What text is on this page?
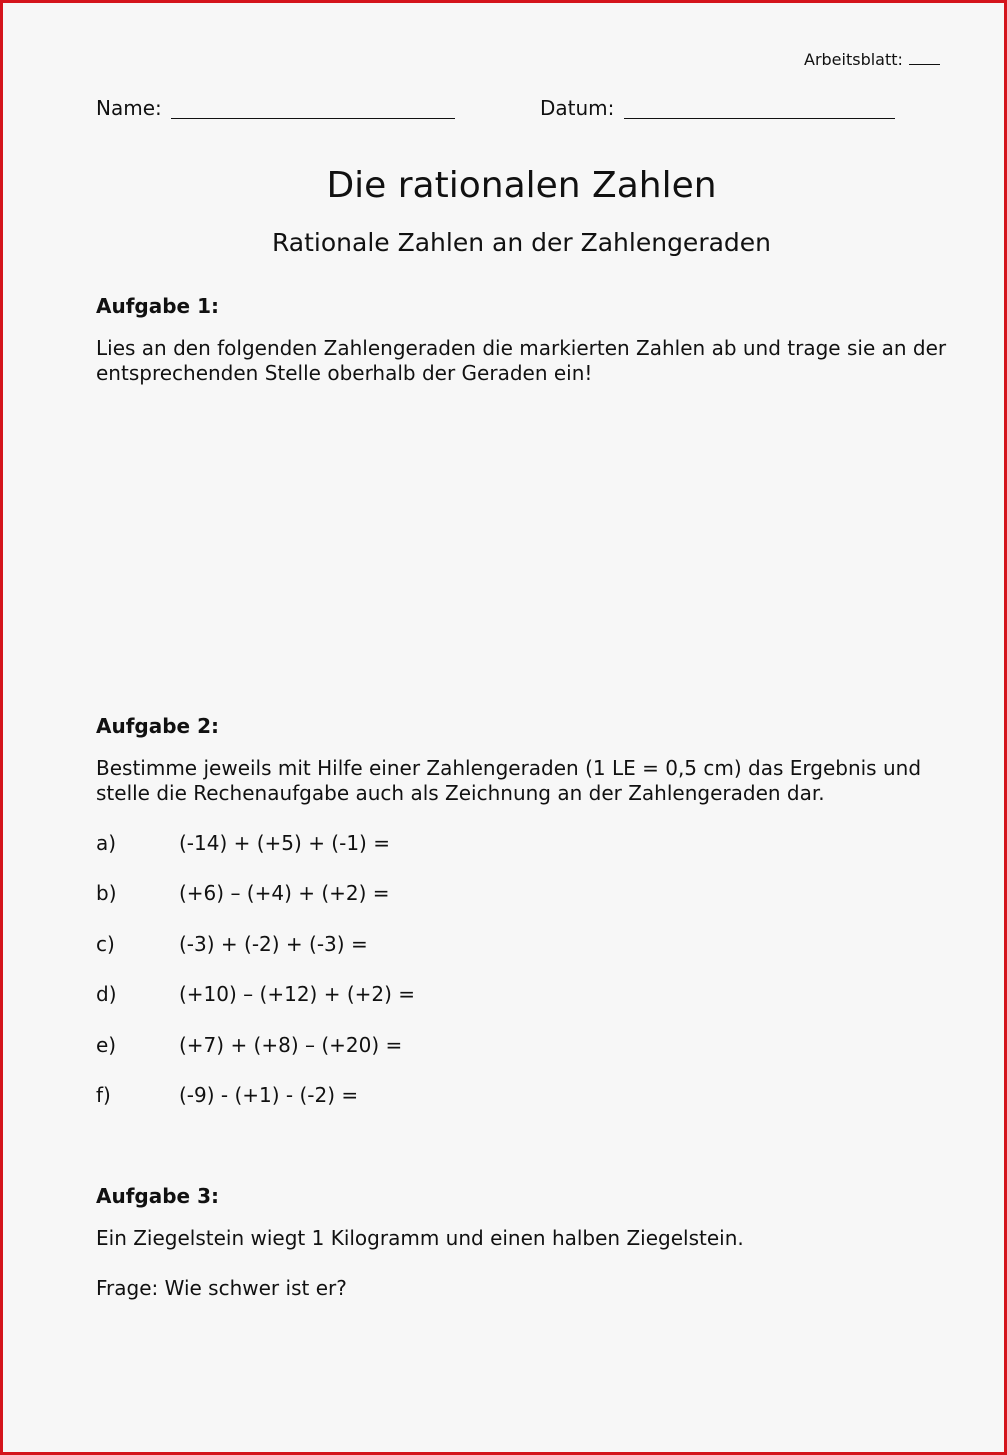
Arbeitsblatt:
Name:	Datum:
Die rationalen Zahlen
Rationale Zahlen an der Zahlengeraden
Aufgabe 1:
Lies an den folgenden Zahlengeraden die markierten Zahlen ab und trage sie an der entsprechenden Stelle oberhalb der Geraden ein!
Aufgabe 2:
Bestimme jeweils mit Hilfe einer Zahlengeraden (1 LE = 0,5 cm) das Ergebnis und stelle die Rechenaufgabe auch als Zeichnung an der Zahlengeraden dar.
a)	(-14) + (+5) + (-1) =
b)	(+6) – (+4) + (+2) =
c)	(-3) + (-2) + (-3) =
d)	(+10) – (+12) + (+2) =
e)	(+7) + (+8) – (+20) =
f)	(-9) - (+1) - (-2) =
Aufgabe 3:
Ein Ziegelstein wiegt 1 Kilogramm und einen halben Ziegelstein.
Frage: Wie schwer ist er?
